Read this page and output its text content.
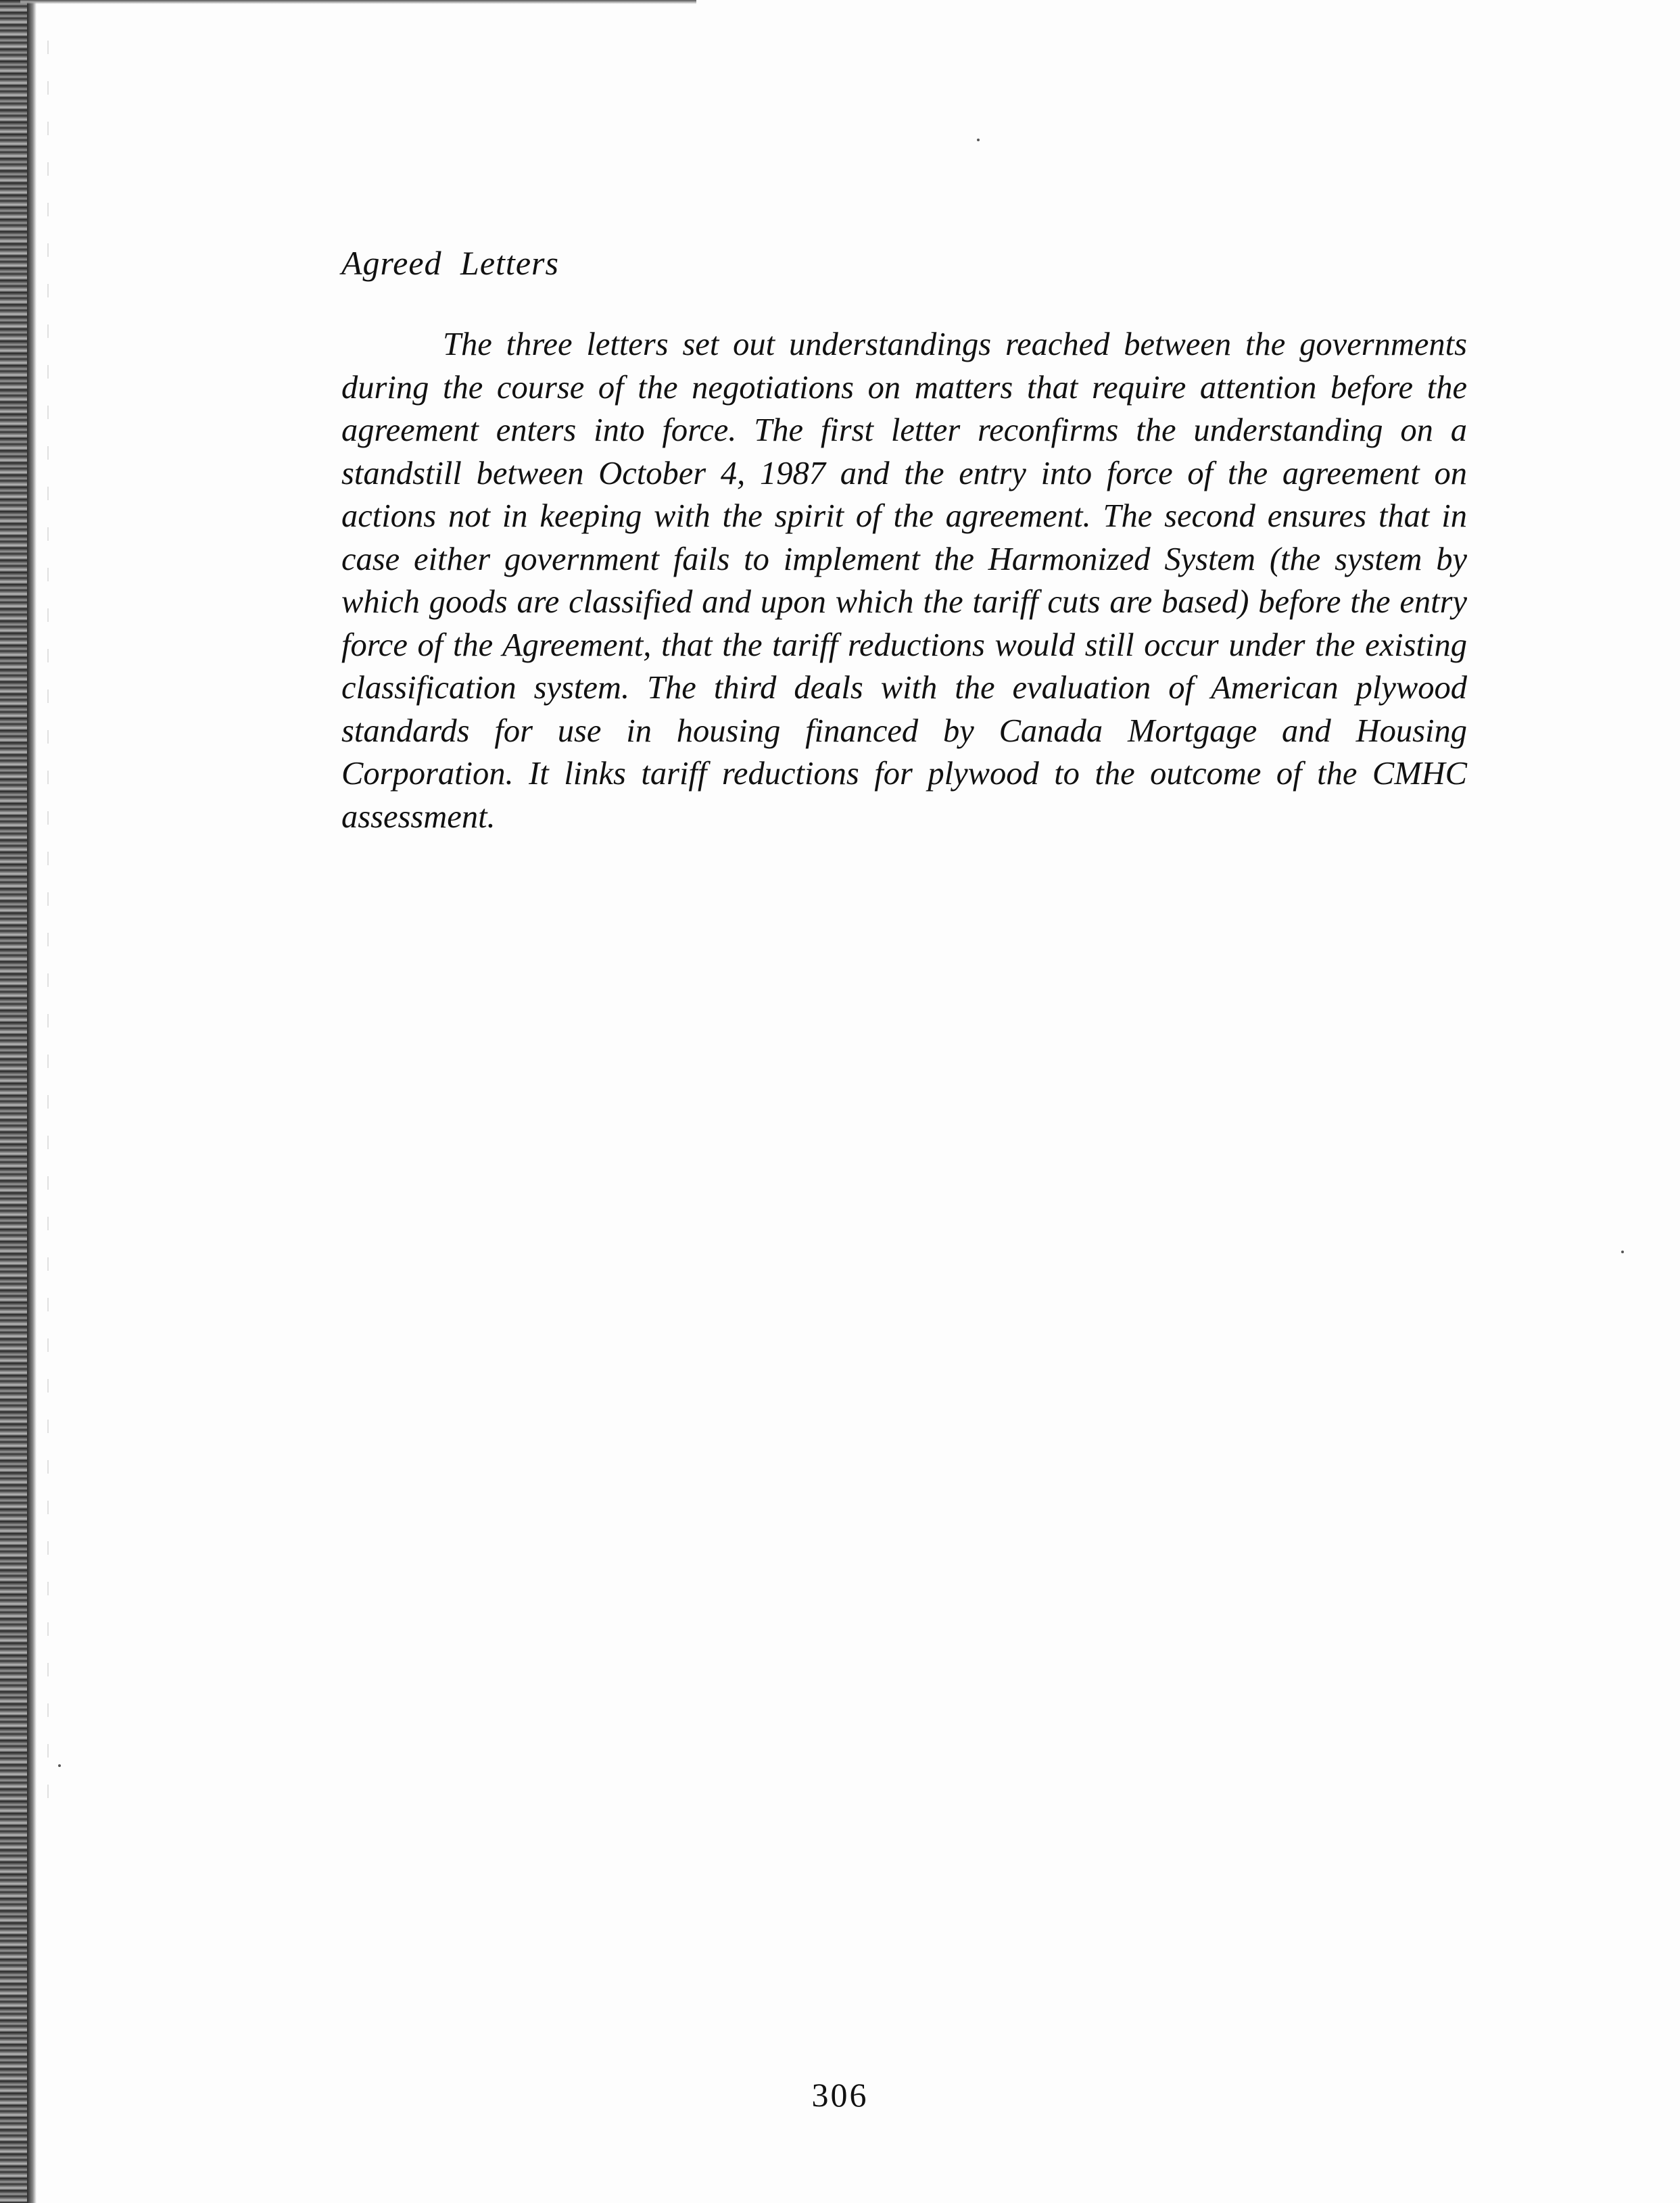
Agreed Letters

The three letters set out understandings reached between the governments during the course of the negotiations on matters that require attention before the agreement enters into force. The first letter reconfirms the understanding on a standstill between October 4, 1987 and the entry into force of the agreement on actions not in keeping with the spirit of the agreement. The second ensures that in case either government fails to implement the Harmonized System (the system by which goods are classified and upon which the tariff cuts are based) before the entry force of the Agreement, that the tariff reductions would still occur under the existing classification system. The third deals with the evaluation of American plywood standards for use in housing financed by Canada Mortgage and Housing Corporation. It links tariff reductions for plywood to the outcome of the CMHC assessment.

306
